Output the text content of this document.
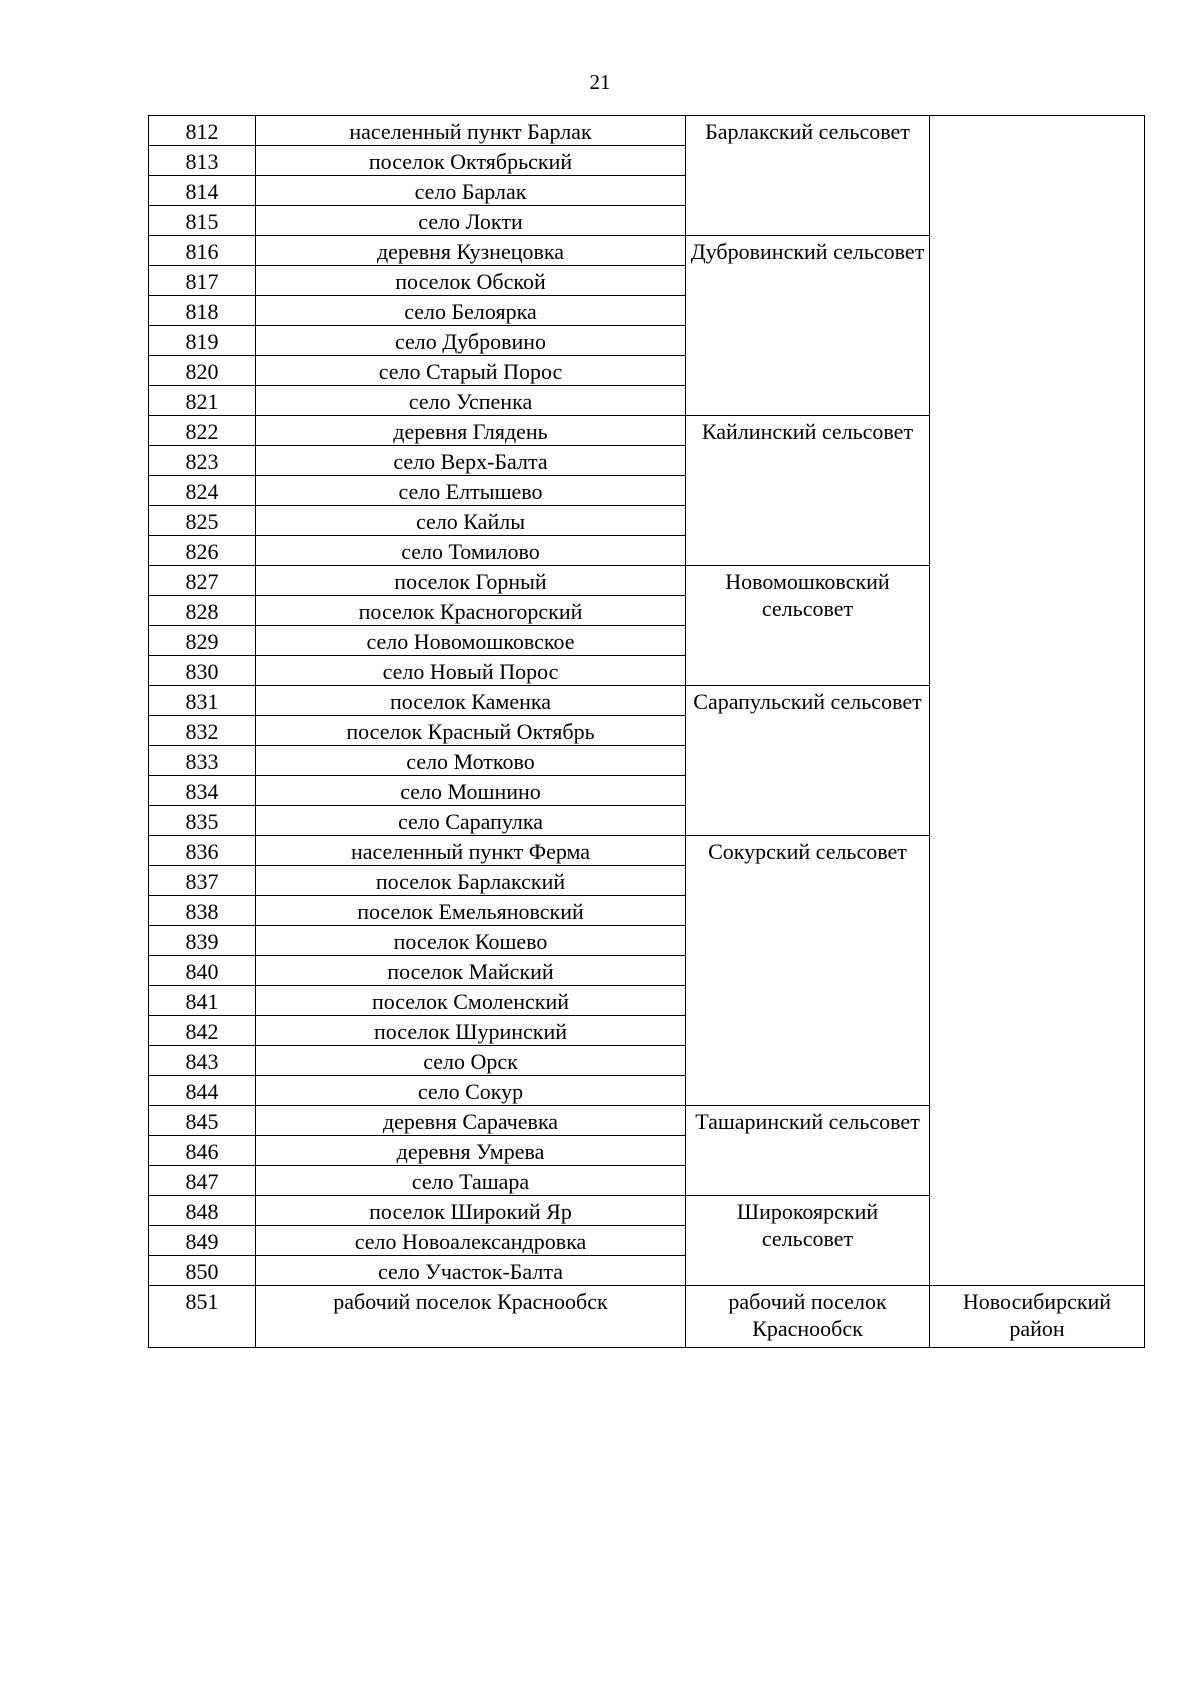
21
812	населенный пункт Барлак	Барлакский сельсовет	
813	поселок Октябрьский		
814	село Барлак		
815	село Локти		
816	деревня Кузнецовка	Дубровинский сельсовет	
817	поселок Обской		
818	село Белоярка		
819	село Дубровино		
820	село Старый Порос		
821	село Успенка		
822	деревня Глядень	Кайлинский сельсовет	
823	село Верх-Балта		
824	село Елтышево		
825	село Кайлы		
826	село Томилово		
827	поселок Горный	Новомошковский сельсовет	
828	поселок Красногорский		
829	село Новомошковское		
830	село Новый Порос		
831	поселок Каменка	Сарапульский сельсовет	
832	поселок Красный Октябрь		
833	село Мотково		
834	село Мошнино		
835	село Сарапулка		
836	населенный пункт Ферма	Сокурский сельсовет	
837	поселок Барлакский		
838	поселок Емельяновский		
839	поселок Кошево		
840	поселок Майский		
841	поселок Смоленский		
842	поселок Шуринский		
843	село Орск		
844	село Сокур		
845	деревня Сарачевка	Ташаринский сельсовет	
846	деревня Умрева		
847	село Ташара		
848	поселок Широкий Яр	Широкоярский сельсовет	
849	село Новоалександровка		
850	село Участок-Балта		
851	рабочий поселок Краснообск	рабочий поселок Краснообск	Новосибирский район
